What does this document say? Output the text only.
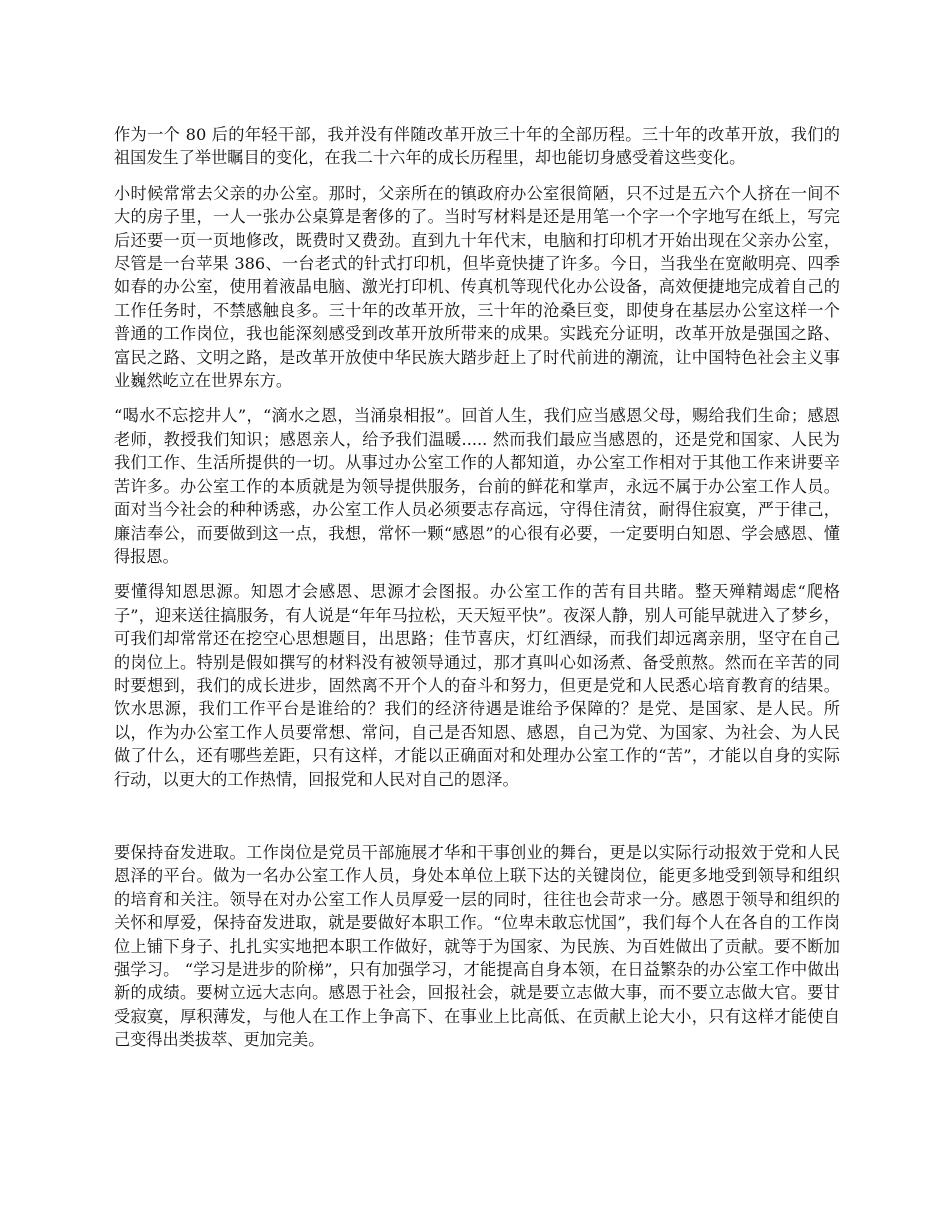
作为一个 80 后的年轻干部，我并没有伴随改革开放三十年的全部历程。三十年的改革开放，我们的祖国发生了举世瞩目的变化，在我二十六年的成长历程里，却也能切身感受着这些变化。

小时候常常去父亲的办公室。那时，父亲所在的镇政府办公室很简陋，只不过是五六个人挤在一间不大的房子里，一人一张办公桌算是奢侈的了。当时写材料是还是用笔一个字一个字地写在纸上，写完后还要一页一页地修改，既费时又费劲。直到九十年代末，电脑和打印机才开始出现在父亲办公室，尽管是一台苹果 386、一台老式的针式打印机，但毕竟快捷了许多。今日，当我坐在宽敞明亮、四季如春的办公室，使用着液晶电脑、激光打印机、传真机等现代化办公设备，高效便捷地完成着自己的工作任务时，不禁感触良多。三十年的改革开放，三十年的沧桑巨变，即使身在基层办公室这样一个普通的工作岗位，我也能深刻感受到改革开放所带来的成果。实践充分证明，改革开放是强国之路、富民之路、文明之路，是改革开放使中华民族大踏步赶上了时代前进的潮流，让中国特色社会主义事业巍然屹立在世界东方。

“喝水不忘挖井人”，“滴水之恩，当涌泉相报”。回首人生，我们应当感恩父母，赐给我们生命；感恩老师，教授我们知识；感恩亲人，给予我们温暖..... 然而我们最应当感恩的，还是党和国家、人民为我们工作、生活所提供的一切。从事过办公室工作的人都知道，办公室工作相对于其他工作来讲要辛苦许多。办公室工作的本质就是为领导提供服务，台前的鲜花和掌声，永远不属于办公室工作人员。面对当今社会的种种诱惑，办公室工作人员必须要志存高远，守得住清贫，耐得住寂寞，严于律己，廉洁奉公，而要做到这一点，我想，常怀一颗“感恩”的心很有必要，一定要明白知恩、学会感恩、懂得报恩。

要懂得知恩思源。知恩才会感恩、思源才会图报。办公室工作的苦有目共睹。整天殚精竭虑“爬格子”，迎来送往搞服务，有人说是“年年马拉松，天天短平快”。夜深人静，别人可能早就进入了梦乡，可我们却常常还在挖空心思想题目，出思路；佳节喜庆，灯红酒绿，而我们却远离亲朋，坚守在自己的岗位上。特别是假如撰写的材料没有被领导通过，那才真叫心如汤煮、备受煎熬。然而在辛苦的同时要想到，我们的成长进步，固然离不开个人的奋斗和努力，但更是党和人民悉心培育教育的结果。饮水思源，我们工作平台是谁给的？我们的经济待遇是谁给予保障的？是党、是国家、是人民。所以，作为办公室工作人员要常想、常问，自己是否知恩、感恩，自己为党、为国家、为社会、为人民做了什么，还有哪些差距，只有这样，才能以正确面对和处理办公室工作的“苦”，才能以自身的实际行动，以更大的工作热情，回报党和人民对自己的恩泽。

要保持奋发进取。工作岗位是党员干部施展才华和干事创业的舞台，更是以实际行动报效于党和人民恩泽的平台。做为一名办公室工作人员，身处本单位上联下达的关键岗位，能更多地受到领导和组织的培育和关注。领导在对办公室工作人员厚爱一层的同时，往往也会苛求一分。感恩于领导和组织的关怀和厚爱，保持奋发进取，就是要做好本职工作。“位卑未敢忘忧国”，我们每个人在各自的工作岗位上铺下身子、扎扎实实地把本职工作做好，就等于为国家、为民族、为百姓做出了贡献。要不断加强学习。 “学习是进步的阶梯”，只有加强学习，才能提高自身本领，在日益繁杂的办公室工作中做出新的成绩。要树立远大志向。感恩于社会，回报社会，就是要立志做大事，而不要立志做大官。要甘受寂寞，厚积薄发，与他人在工作上争高下、在事业上比高低、在贡献上论大小，只有这样才能使自己变得出类拔萃、更加完美。
